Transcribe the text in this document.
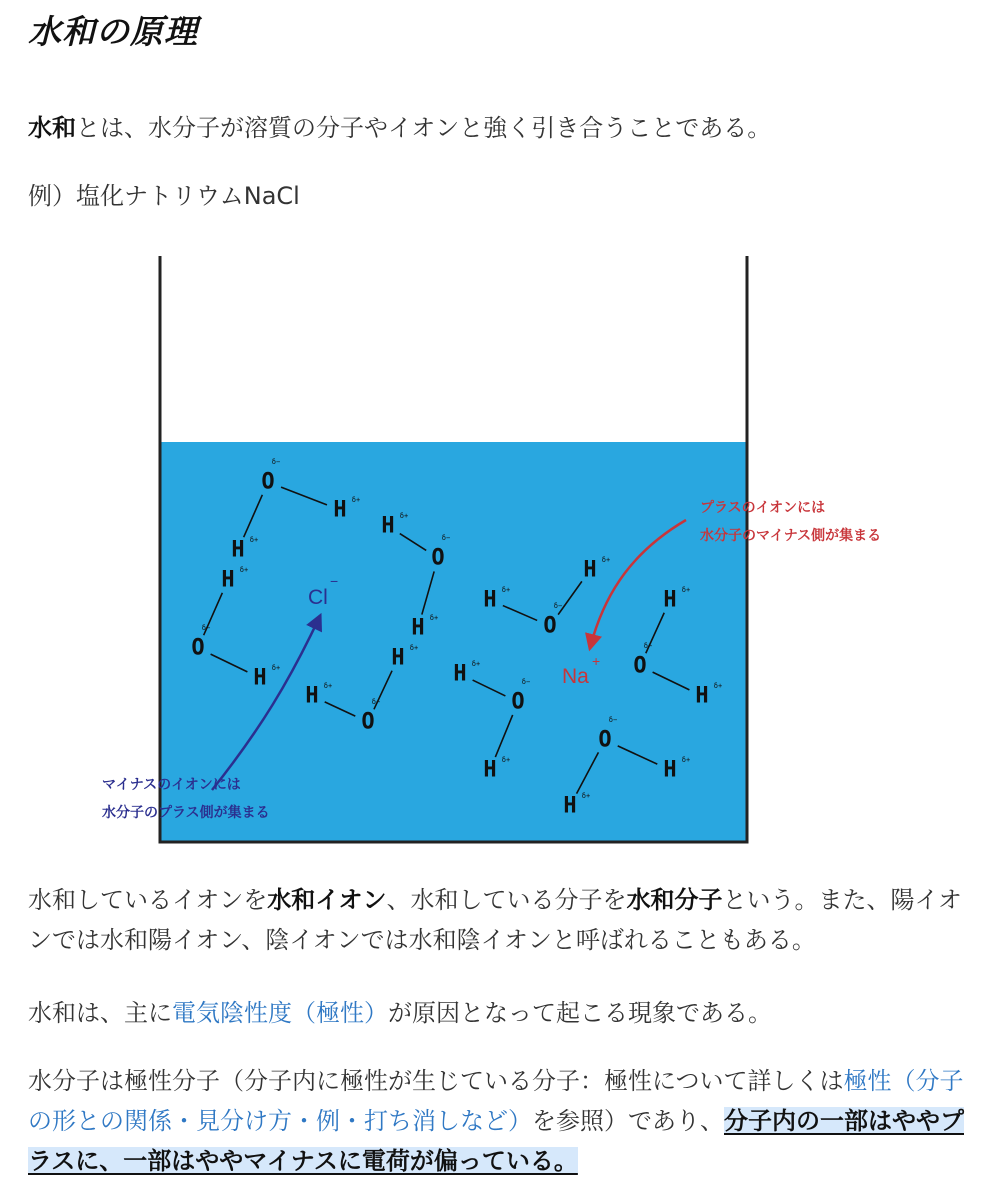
水和の原理

水和とは、水分子が溶質の分子やイオンと強く引き合うことである。

例）塩化ナトリウムNaCl

O
H
H
δ−
δ+
δ+
O
H
H
δ−
δ+
δ+
O
H
H
δ−
δ+
δ+	O
H
H
δ−
δ+
δ+
O
H
H
δ−
δ+
δ+
O
H
H
δ−
δ+
δ+
O
H
H
δ−
δ+
δ+
O
H
H
δ−
δ+
δ+
Cl
−
Na
+
プラスのイオンには
水分子のマイナス側が集まる
マイナスのイオンには
水分子のプラス側が集まる

水和しているイオンを水和イオン、水和している分子を水和分子という。また、陽イオンでは水和陽イオン、陰イオンでは水和陰イオンと呼ばれることもある。

水和は、主に電気陰性度（極性）が原因となって起こる現象である。

水分子は極性分子（分子内に極性が生じている分子：極性について詳しくは極性（分子の形との関係・見分け方・例・打ち消しなど）を参照）であり、分子内の一部はややプラスに、一部はややマイナスに電荷が偏っている。
